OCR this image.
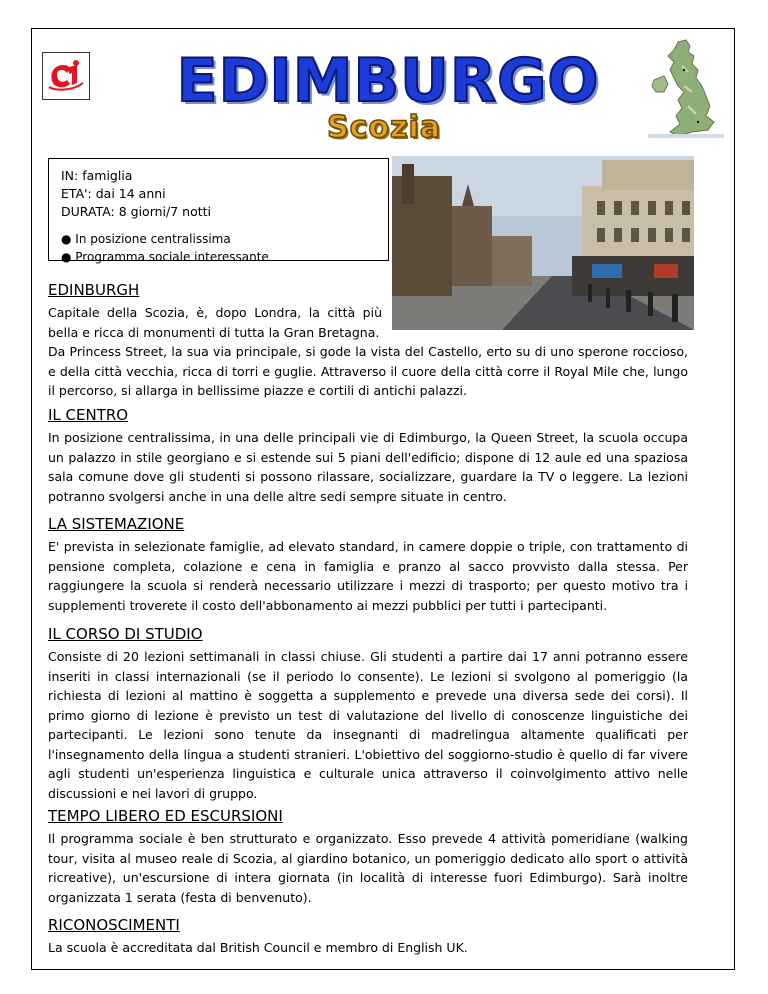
EDIMBURGO
Scozia
IN: famiglia
ETA': dai 14 anni
DURATA: 8 giorni/7 notti
● In posizione centralissima
● Programma sociale interessante
EDINBURGH

Capitale della Scozia, è, dopo Londra, la città più bella e ricca di monumenti di tutta la Gran Bretagna.

Da Princess Street, la sua via principale, si gode la vista del Castello, erto su di uno sperone roccioso, e della città vecchia, ricca di torri e guglie. Attraverso il cuore della città corre il Royal Mile che, lungo il percorso, si allarga in bellissime piazze e cortili di antichi palazzi.

IL CENTRO

In posizione centralissima, in una delle principali vie di Edimburgo, la Queen Street, la scuola occupa un palazzo in stile georgiano e si estende sui 5 piani dell'edificio; dispone di 12 aule ed una spaziosa sala comune dove gli studenti si possono rilassare, socializzare, guardare la TV o leggere. La lezioni potranno svolgersi anche in una delle altre sedi sempre situate in centro.

LA SISTEMAZIONE

E' prevista in selezionate famiglie, ad elevato standard, in camere doppie o triple, con trattamento di pensione completa, colazione e cena in famiglia e pranzo al sacco provvisto dalla stessa. Per raggiungere la scuola si renderà necessario utilizzare i mezzi di trasporto; per questo motivo tra i supplementi troverete il costo dell'abbonamento ai mezzi pubblici per tutti i partecipanti.

IL CORSO DI STUDIO

Consiste di 20 lezioni settimanali in classi chiuse. Gli studenti a partire dai 17 anni potranno essere inseriti in classi internazionali (se il periodo lo consente). Le lezioni si svolgono al pomeriggio (la richiesta di lezioni al mattino è soggetta a supplemento e prevede una diversa sede dei corsi). Il primo giorno di lezione è previsto un test di valutazione del livello di conoscenze linguistiche dei partecipanti. Le lezioni sono tenute da insegnanti di madrelingua altamente qualificati per l'insegnamento della lingua a studenti stranieri. L'obiettivo del soggiorno-studio è quello di far vivere agli studenti un'esperienza linguistica e culturale unica attraverso il coinvolgimento attivo nelle discussioni e nei lavori di gruppo.

TEMPO LIBERO ED ESCURSIONI

Il programma sociale è ben strutturato e organizzato. Esso prevede 4 attività pomeridiane (walking tour, visita al museo reale di Scozia, al giardino botanico, un pomeriggio dedicato allo sport o attività ricreative), un'escursione di intera giornata (in località di interesse fuori Edimburgo). Sarà inoltre organizzata 1 serata (festa di benvenuto).

RICONOSCIMENTI

La scuola è accreditata dal British Council e membro di English UK.
